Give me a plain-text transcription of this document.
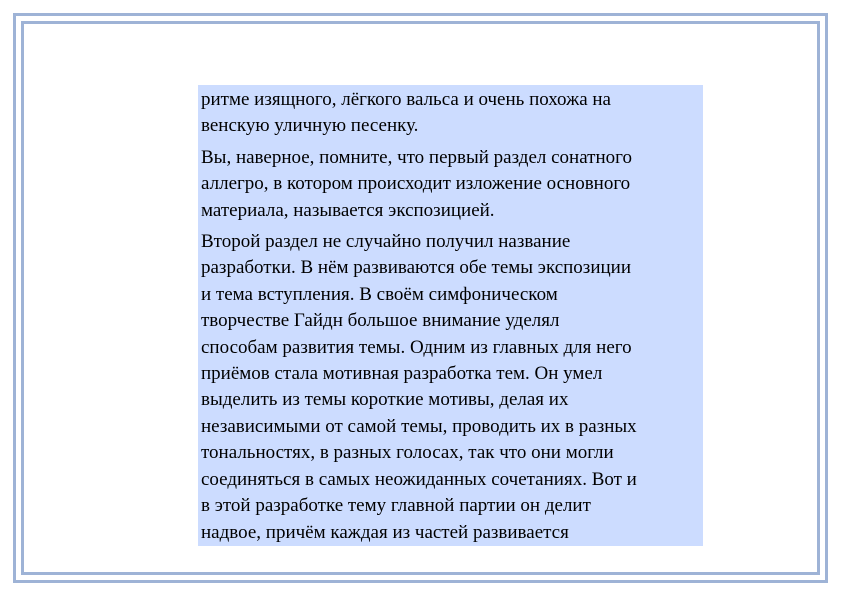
ритме изящного, лёгкого вальса и очень похожа на
венскую уличную песенку.

Вы, наверное, помните, что первый раздел сонатного
аллегро, в котором происходит изложение основного
материала, называется экспозицией.

Второй раздел не случайно получил название
разработки. В нём развиваются обе темы экспозиции
и тема вступления. В своём симфоническом
творчестве Гайдн большое внимание уделял
способам развития темы. Одним из главных для него
приёмов стала мотивная разработка тем. Он умел
выделить из темы короткие мотивы, делая их
независимыми от самой темы, проводить их в разных
тональностях, в разных голосах, так что они могли
соединяться в самых неожиданных сочетаниях. Вот и
в этой разработке тему главной партии он делит
надвое, причём каждая из частей развивается
